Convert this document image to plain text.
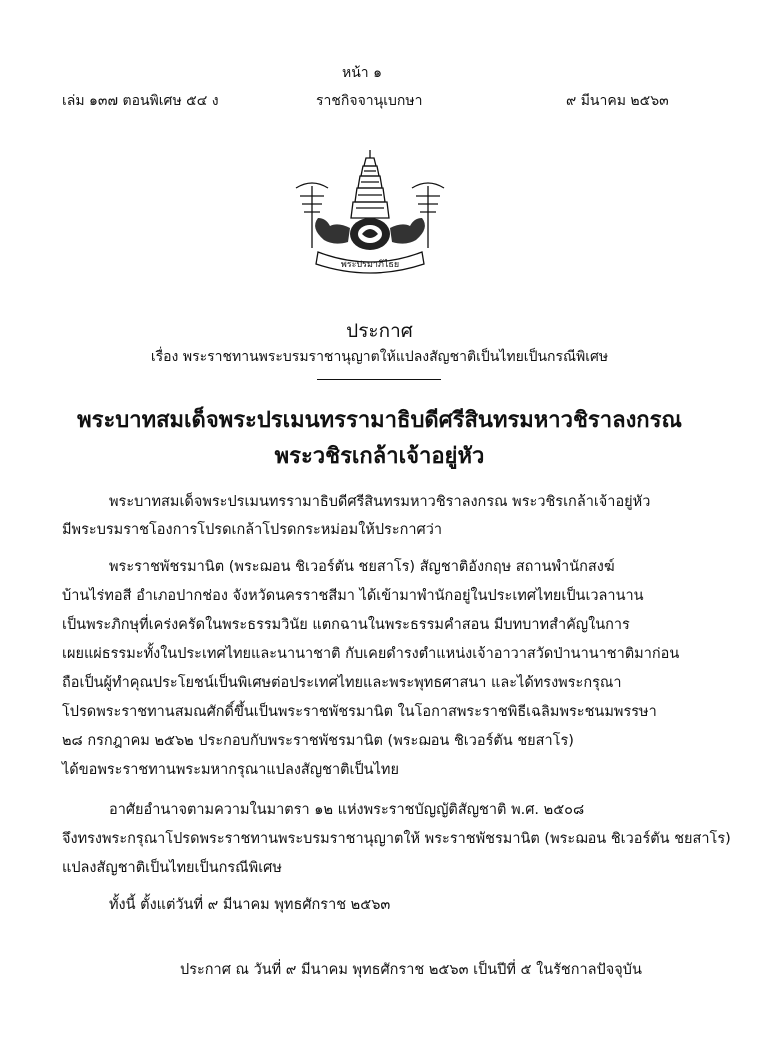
หน้า ๑
เล่ม ๑๓๗ ตอนพิเศษ ๕๔ ง	ราชกิจจานุเบกษา	๙ มีนาคม ๒๕๖๓
พระปรมาภิไธย
ประกาศ
เรื่อง พระราชทานพระบรมราชานุญาตให้แปลงสัญชาติเป็นไทยเป็นกรณีพิเศษ
พระบาทสมเด็จพระปรเมนทรรามาธิบดีศรีสินทรมหาวชิราลงกรณ
พระวชิรเกล้าเจ้าอยู่หัว
พระบาทสมเด็จพระปรเมนทรรามาธิบดีศรีสินทรมหาวชิราลงกรณ พระวชิรเกล้าเจ้าอยู่หัว
มีพระบรมราชโองการโปรดเกล้าโปรดกระหม่อมให้ประกาศว่า
พระราชพัชรมานิต (พระฌอน ชิเวอร์ตัน ชยสาโร) สัญชาติอังกฤษ สถานพำนักสงฆ์
บ้านไร่ทอสี อำเภอปากช่อง จังหวัดนครราชสีมา ได้เข้ามาพำนักอยู่ในประเทศไทยเป็นเวลานาน
เป็นพระภิกษุที่เคร่งครัดในพระธรรมวินัย แตกฉานในพระธรรมคำสอน มีบทบาทสำคัญในการ
เผยแผ่ธรรมะทั้งในประเทศไทยและนานาชาติ กับเคยดำรงตำแหน่งเจ้าอาวาสวัดป่านานาชาติมาก่อน
ถือเป็นผู้ทำคุณประโยชน์เป็นพิเศษต่อประเทศไทยและพระพุทธศาสนา และได้ทรงพระกรุณา
โปรดพระราชทานสมณศักดิ์ขึ้นเป็นพระราชพัชรมานิต ในโอกาสพระราชพิธีเฉลิมพระชนมพรรษา
๒๘ กรกฎาคม ๒๕๖๒ ประกอบกับพระราชพัชรมานิต (พระฌอน ชิเวอร์ตัน ชยสาโร)
ได้ขอพระราชทานพระมหากรุณาแปลงสัญชาติเป็นไทย
อาศัยอำนาจตามความในมาตรา ๑๒ แห่งพระราชบัญญัติสัญชาติ พ.ศ. ๒๕๐๘
จึงทรงพระกรุณาโปรดพระราชทานพระบรมราชานุญาตให้ พระราชพัชรมานิต (พระฌอน ชิเวอร์ตัน ชยสาโร)
แปลงสัญชาติเป็นไทยเป็นกรณีพิเศษ
ทั้งนี้ ตั้งแต่วันที่ ๙ มีนาคม พุทธศักราช ๒๕๖๓
ประกาศ ณ วันที่ ๙ มีนาคม พุทธศักราช ๒๕๖๓ เป็นปีที่ ๕ ในรัชกาลปัจจุบัน
